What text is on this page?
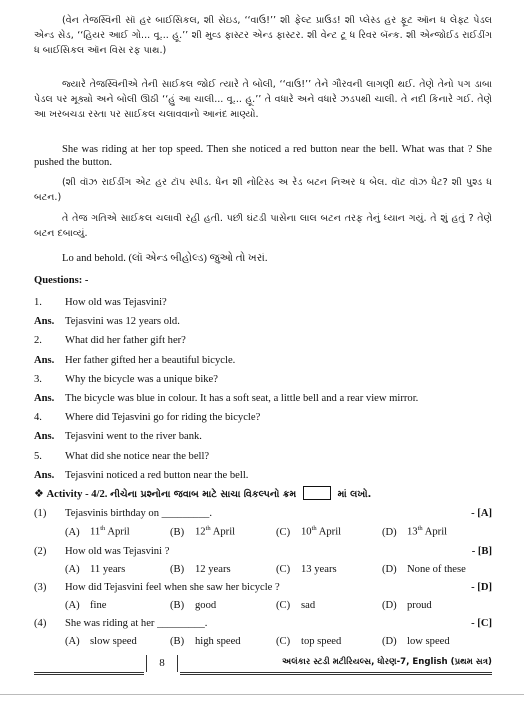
(વેન તેજસ્વિની સૉ હર બાઈસિકલ, શી સેઇડ, ‘‘વાઉ!’’ શી ફેલ્ટ પ્રાઉડ! શી પ્લેસ્ડ હર ફૂટ ઑન ધ લેફ્ટ પેડલ એન્ડ સેડ, ‘‘હિયર આઈ ગો... વૂ... હૂ.’’ શી મુવ્ડ ફાસ્ટર એન્ડ ફાસ્ટર. શી વેન્ટ ટૂ ધ રિવર બૅન્ક. શી એન્જોઈડ રાઈડીંગ ધ બાઈસિકલ ઑન વિસ રફ પાથ.)
જ્યારે તેજસ્વિનીએ તેની સાઈકલ જોઈ ત્યારે તે બોલી, ‘‘વાઉ!’’ તેને ગૌરવની લાગણી થઈ. તેણે તેનો પગ ડાબા પેડલ પર મૂક્યો અને બોલી ઊઠી ‘‘હું આ ચાલી... વૂ... હૂ.’’ તે વધારે અને વધારે ઝડપથી ચાલી. તે નદી કિનારે ગઈ. તેણે આ ખરબચડા રસ્તા પર સાઈકલ ચલાવવાનો આનંદ માણ્યો.
She was riding at her top speed. Then she noticed a red button near the bell. What was that ? She pushed the button.
(શી વૉઝ રાઈડીંગ એટ હર ટૉપ સ્પીડ. ધેન શી નોટિસ્ડ અ રેડ બટન નિઅર ધ બેલ. વૉટ વૉઝ ધેટ? શી પુશ્ડ ધ બટન.)
તે તેજ ગતિએ સાઈકલ ચલાવી રહી હતી. પછી ઘંટડી પાસેના લાલ બટન તરફ તેનું ધ્યાન ગયું. તે શું હતું ? તેણે બટન દબાવ્યું.
Lo and behold. (લૉ એન્ડ બીહોલ્ડ) જુઓ તો ખરાં.
Questions: -
1.	How old was Tejasvini?
Ans.	Tejasvini was 12 years old.
2.	What did her father gift her?
Ans.	Her father gifted her a beautiful bicycle.
3.	Why the bicycle was a unique bike?
Ans.	The bicycle was blue in colour. It has a soft seat, a little bell and a rear view mirror.
4.	Where did Tejasvini go for riding the bicycle?
Ans.	Tejasvini went to the river bank.
5.	What did she notice near the bell?
Ans.	Tejasvini noticed a red button near the bell.
❖ Activity - 4/2. નીચેના પ્રશ્નોના જવાબ માટે સાચા વિકલ્પનો ક્રમ	માં લખો.
(1)	Tejasvinis birthday on _________.	- [A]
(A) 11th April	(B) 12th April	(C) 10th April	(D) 13th April
(2)	How old was Tejasvini ?	- [B]
(A) 11 years	(B) 12 years	(C) 13 years	(D) None of these
(3)	How did Tejasvini feel when she saw her bicycle ?	- [D]
(A) fine	(B) good	(C) sad	(D) proud
(4)	She was riding at her _________.	- [C]
(A) slow speed	(B) high speed	(C) top speed	(D) low speed
8	અલંકાર સ્ટડી મટીરિયલ્સ, ધોરણ-7, English (પ્રથમ સત્ર)
